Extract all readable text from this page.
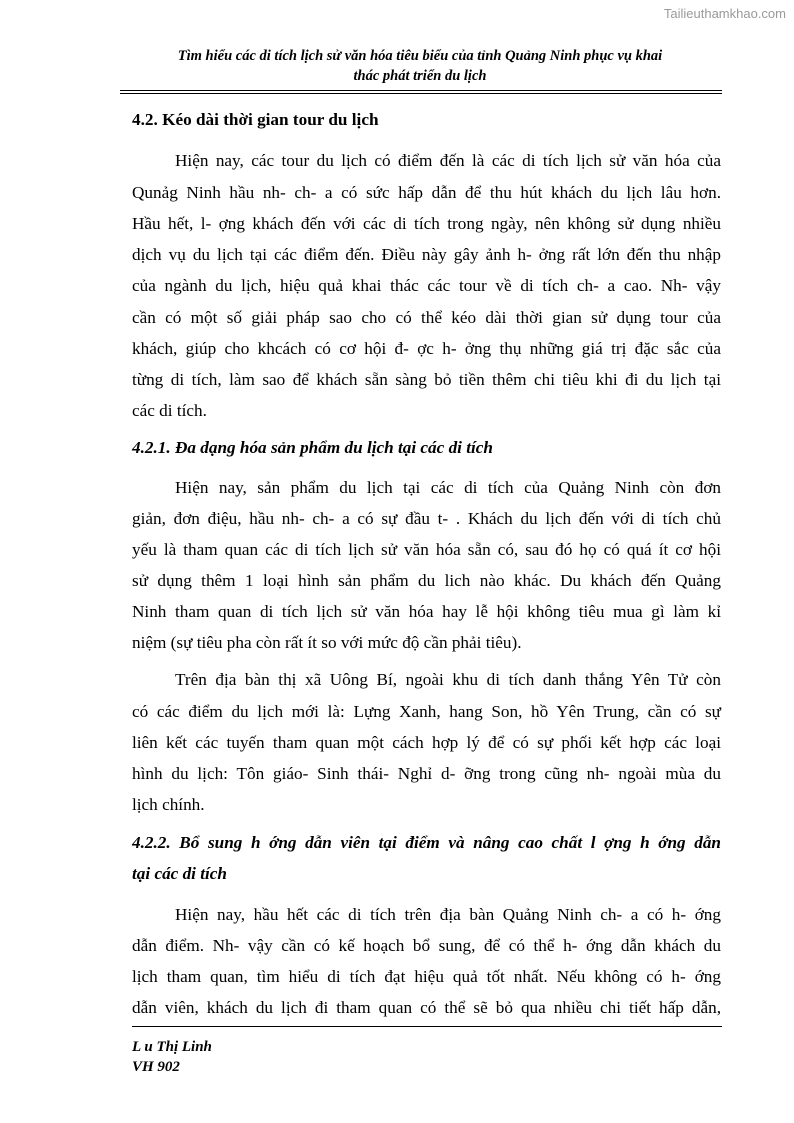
Tailieuthamkhao.com
Tìm hiểu các di tích lịch sử văn hóa tiêu biểu của tỉnh Quảng Ninh phục vụ khai
thác phát triển du lịch
4.2. Kéo dài thời gian tour du lịch
Hiện nay, các tour du lịch có điểm đến là các di tích lịch sử văn hóa của
Qunảg Ninh hầu nh- ch- a có sức hấp dẫn để thu hút khách du lịch lâu hơn.
Hầu hết, l- ợng khách đến với các di tích trong ngày, nên không sử dụng nhiều
dịch vụ du lịch tại các điểm đến. Điều này gây ảnh h- ởng rất lớn đến thu nhập
của ngành du lịch, hiệu quả khai thác các tour về di tích ch- a cao. Nh- vậy
cần có một số giải pháp sao cho có thể kéo dài thời gian sử dụng tour của
khách, giúp cho khcách có cơ hội đ- ợc h- ởng thụ những giá trị đặc sắc của
từng di tích, làm sao để khách sẵn sàng bỏ tiền thêm chi tiêu khi đi du lịch tại
các di tích.
4.2.1. Đa dạng hóa sản phẩm du lịch tại các di tích
Hiện nay, sản phẩm du lịch tại các di tích của Quảng Ninh còn đơn
giản, đơn điệu, hầu nh- ch- a có sự đầu t- . Khách du lịch đến với di tích chủ
yếu là tham quan các di tích lịch sử văn hóa sẵn có, sau đó họ có quá ít cơ hội
sử dụng thêm 1 loại hình sản phẩm du lich nào khác. Du khách đến Quảng
Ninh tham quan di tích lịch sử văn hóa hay lễ hội không tiêu mua gì làm kỉ
niệm (sự tiêu pha còn rất ít so với mức độ cần phải tiêu).
Trên địa bàn thị xã Uông Bí, ngoài khu di tích danh thắng Yên Tử còn
có các điểm du lịch mới là: Lựng Xanh, hang Son, hồ Yên Trung, cần có sự
liên kết các tuyến tham quan một cách hợp lý để có sự phối kết hợp các loại
hình du lịch: Tôn giáo- Sinh thái- Nghỉ d- ỡng trong cũng nh- ngoài mùa du
lịch chính.
4.2.2. Bổ sung h ớng dẫn viên tại điểm và nâng cao chất l ợng h ớng dẫn
tại các di tích
Hiện nay, hầu hết các di tích trên địa bàn Quảng Ninh ch- a có h- ớng
dẫn điểm. Nh- vậy cần có kế hoạch bổ sung, để có thể h- ớng dẫn khách du
lịch tham quan, tìm hiểu di tích đạt hiệu quả tốt nhất. Nếu không có h- ớng
dẫn viên, khách du lịch đi tham quan có thể sẽ bỏ qua nhiều chi tiết hấp dẫn,
L u Thị Linh
VH 902
